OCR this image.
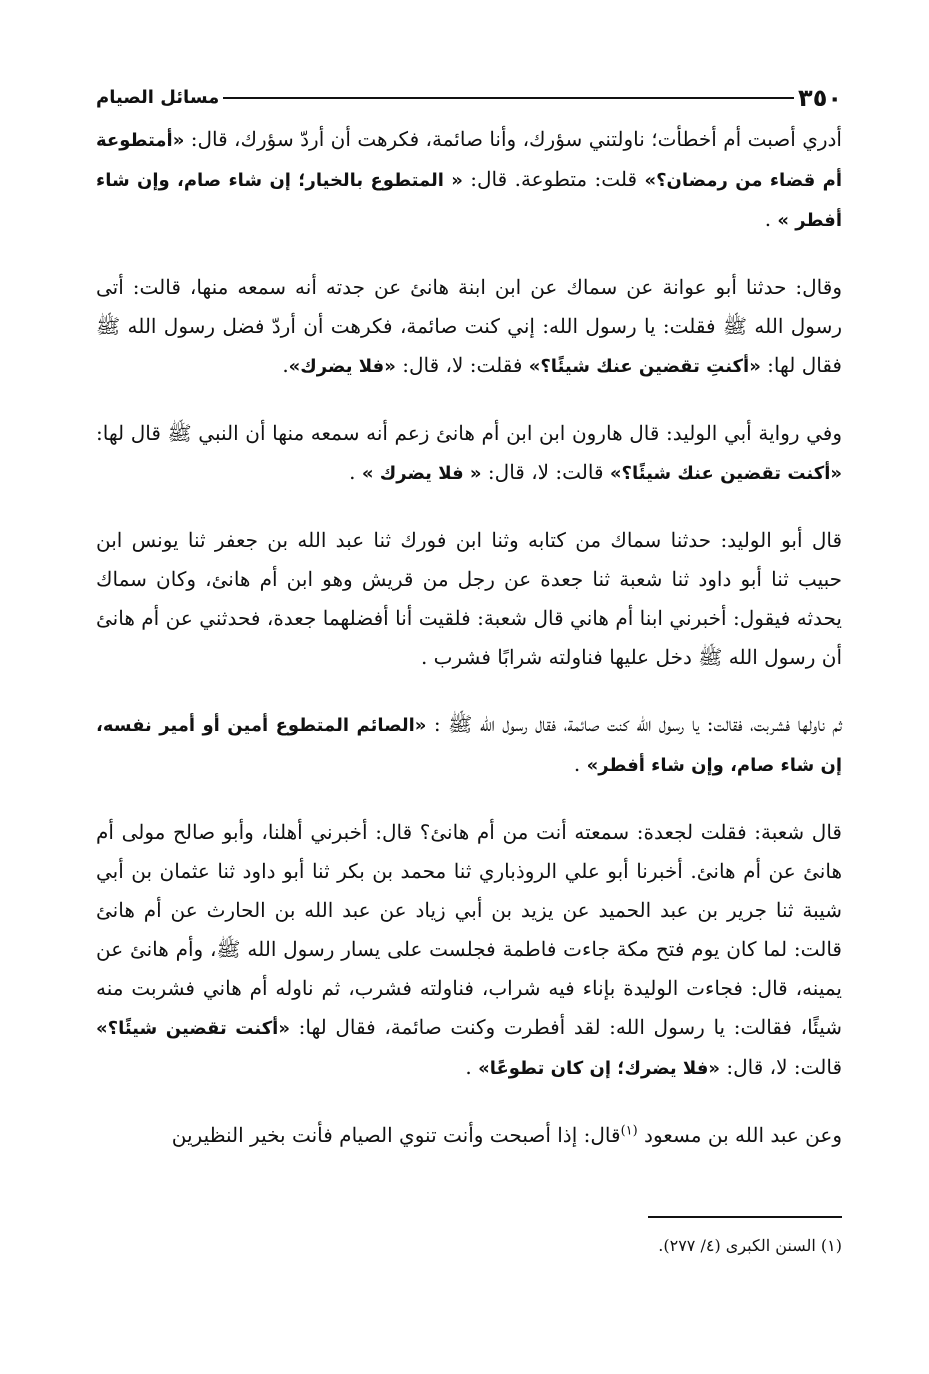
٣٥٠
مسائل الصيام

أدري أصبت أم أخطأت؛ ناولتني سؤرك، وأنا صائمة، فكرهت أن أردّ سؤرك، قال: «أمتطوعة أم قضاء من رمضان؟» قلت: متطوعة. قال: « المتطوع بالخيار؛ إن شاء صام، وإن شاء أفطر » .

وقال: حدثنا أبو عوانة عن سماك عن ابن ابنة هانئ عن جدته أنه سمعه منها، قالت: أتى رسول الله ﷺ فقلت: يا رسول الله: إني كنت صائمة، فكرهت أن أردّ فضل رسول الله ﷺ فقال لها: «أكنتِ تقضين عنك شيئًا؟» فقلت: لا، قال: «فلا يضرك».

وفي رواية أبي الوليد: قال هارون ابن ابن أم هانئ زعم أنه سمعه منها أن النبي ﷺ قال لها: «أكنت تقضين عنك شيئًا؟» قالت: لا، قال: « فلا يضرك » .

قال أبو الوليد: حدثنا سماك من كتابه وثنا ابن فورك ثنا عبد الله بن جعفر ثنا يونس ابن حبيب ثنا أبو داود ثنا شعبة ثنا جعدة عن رجل من قريش وهو ابن أم هانئ، وكان سماك يحدثه فيقول: أخبرني ابنا أم هاني قال شعبة: فلقيت أنا أفضلهما جعدة، فحدثني عن أم هانئ أن رسول الله ﷺ دخل عليها فناولته شرابًا فشرب .

ثم ناولها فشربت، فقالت: يا رسول الله كنت صائمة، فقال رسول الله ﷺ : «الصائم المتطوع أمين أو أمير نفسه، إن شاء صام، وإن شاء أفطر» .

قال شعبة: فقلت لجعدة: سمعته أنت من أم هانئ؟ قال: أخبرني أهلنا، وأبو صالح مولى أم هانئ عن أم هانئ. أخبرنا أبو علي الروذباري ثنا محمد بن بكر ثنا أبو داود ثنا عثمان بن أبي شيبة ثنا جرير بن عبد الحميد عن يزيد بن أبي زياد عن عبد الله بن الحارث عن أم هانئ قالت: لما كان يوم فتح مكة جاءت فاطمة فجلست على يسار رسول الله ﷺ، وأم هانئ عن يمينه، قال: فجاءت الوليدة بإناء فيه شراب، فناولته فشرب، ثم ناوله أم هاني فشربت منه شيئًا، فقالت: يا رسول الله: لقد أفطرت وكنت صائمة، فقال لها: «أكنت تقضين شيئًا؟» قالت: لا، قال: «فلا يضرك؛ إن كان تطوعًا» .

وعن عبد الله بن مسعود $^{(١)}$قال: إذا أصبحت وأنت تنوي الصيام فأنت بخير النظيرين

(١) السنن الكبرى (٤/ ٢٧٧).
